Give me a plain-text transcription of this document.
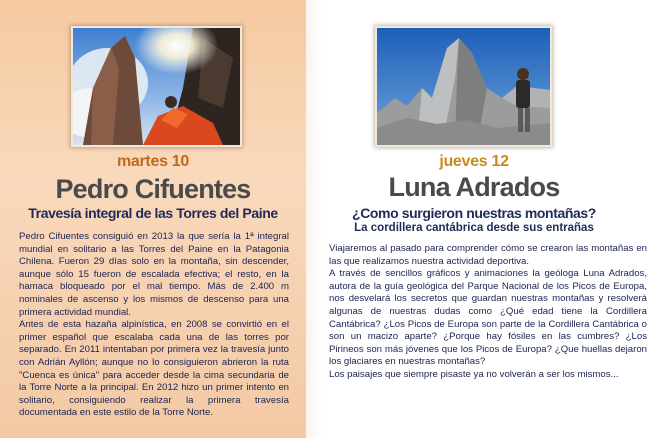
martes 10
Pedro Cifuentes
Travesía integral de las Torres del Paine

Pedro Cifuentes consiguió en 2013 la que sería la 1ª integral mundial en solitario a las Torres del Paine en la Patagonia Chilena. Fueron 29 días solo en la montaña, sin descender, aunque sólo 15 fueron de escalada efectiva; el resto, en la hamaca bloqueado por el mal tiempo. Más de 2.400 m nominales de ascenso y los mismos de descenso para una primera actividad mundial.

Antes de esta hazaña alpinística, en 2008 se convirtió en el primer español que escalaba cada una de las torres por separado. En 2011 intentaban por primera vez la travesía junto con Adrián Ayllón; aunque no lo consiguieron abrieron la ruta "Cuenca es única" para acceder desde la cima secundaria de la Torre Norte a la principal. En 2012 hizo un primer intento en solitario, consiguiendo realizar la primera travesía documentada en este estilo de la Torre Norte.

jueves 12
Luna Adrados
¿Como surgieron nuestras montañas?
La cordillera cantábrica desde sus entrañas

Viajaremos al pasado para comprender cómo se crearon las montañas en las que realizamos nuestra actividad deportiva.

A través de sencillos gráficos y animaciones la geóloga Luna Adrados, autora de la guía geológica del Parque Nacional de los Picos de Europa, nos desvelará los secretos que guardan nuestras montañas y resolverá algunas de nuestras dudas como ¿Qué edad tiene la Cordillera Cantábrica? ¿Los Picos de Europa son parte de la Cordillera Cantábrica o son un macizo aparte? ¿Porque hay fósiles en las cumbres? ¿Los Pirineos son más jóvenes que los Picos de Europa? ¿Que huellas dejaron los glaciares en nuestras montañas?

Los paisajes que siempre pisaste ya no volverán a ser los mismos...
